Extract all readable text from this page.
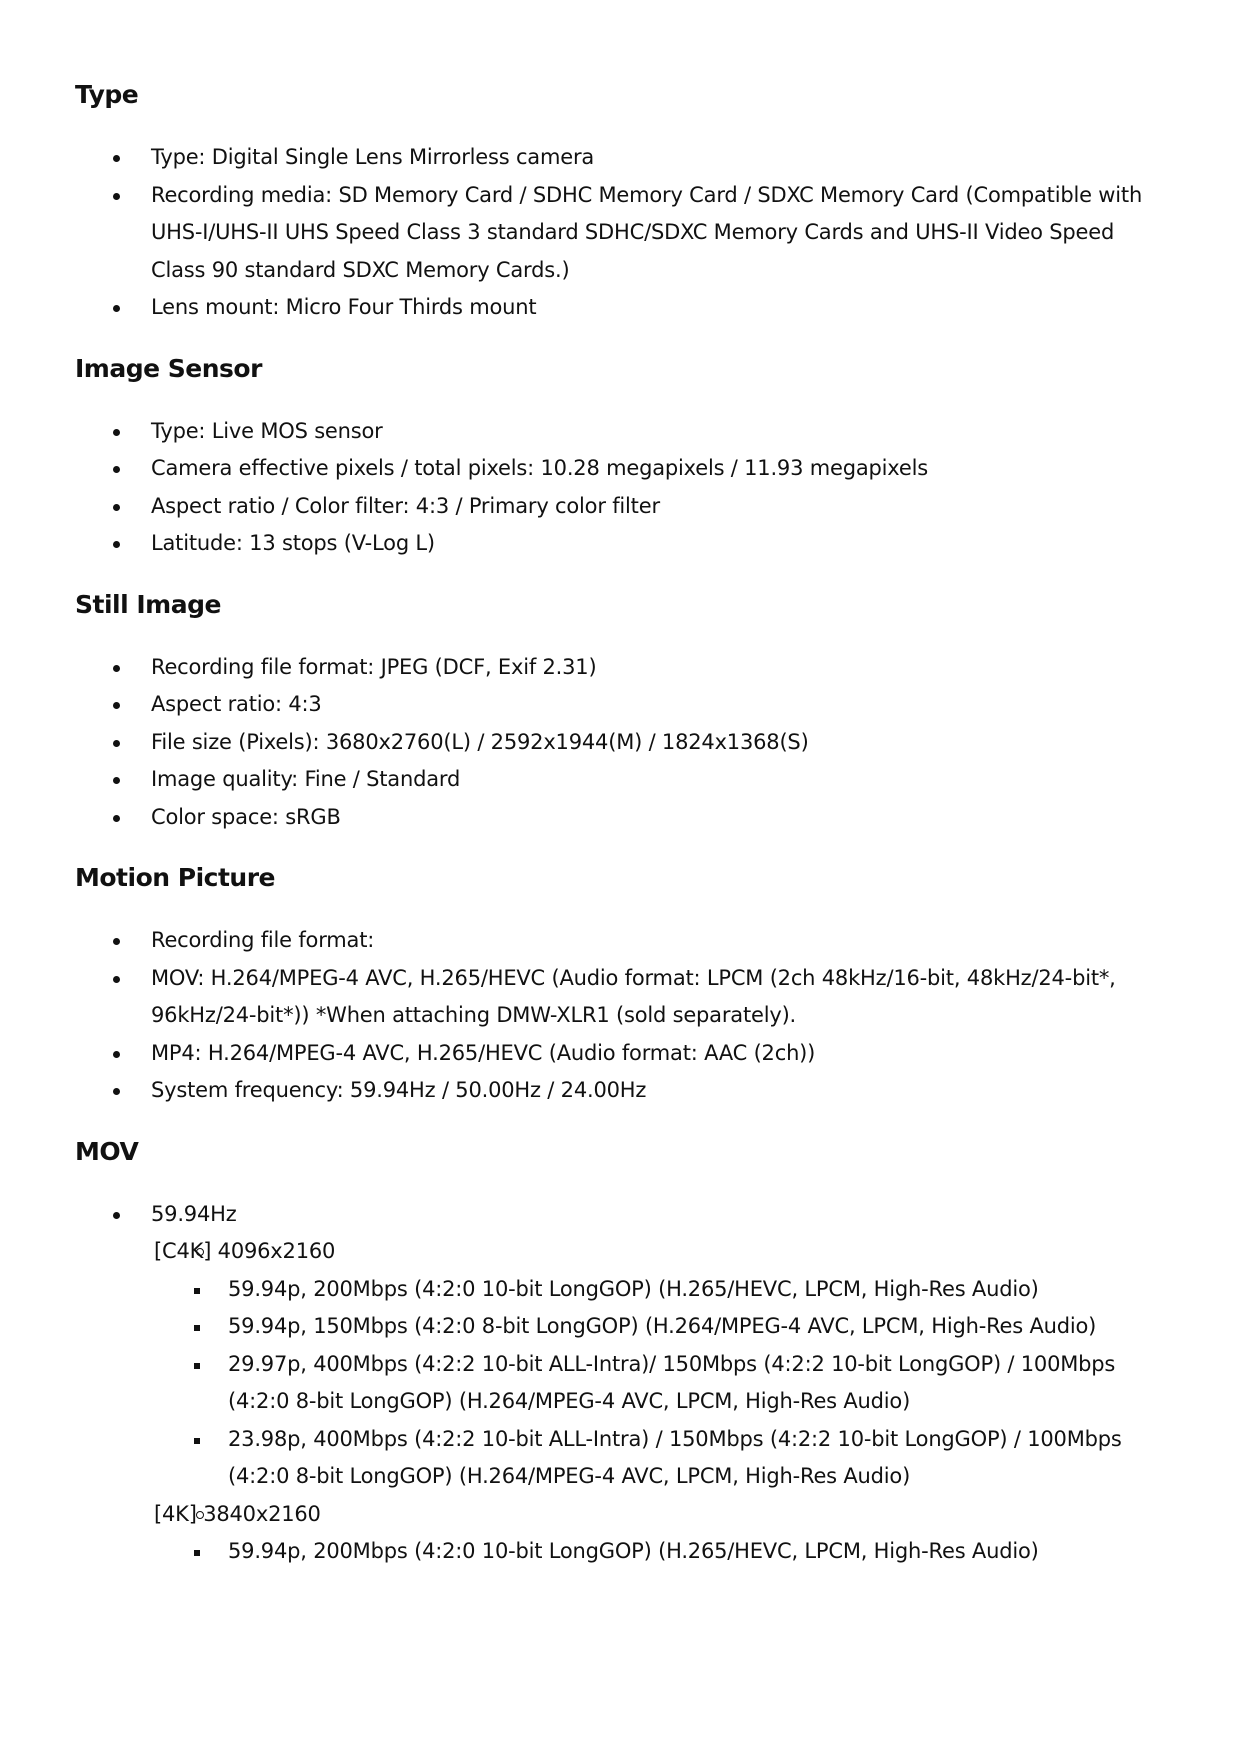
Type
Type: Digital Single Lens Mirrorless camera
Recording media: SD Memory Card / SDHC Memory Card / SDXC Memory Card (Compatible with UHS-I/UHS-II UHS Speed Class 3 standard SDHC/SDXC Memory Cards and UHS-II Video Speed Class 90 standard SDXC Memory Cards.)
Lens mount: Micro Four Thirds mount
Image Sensor
Type: Live MOS sensor
Camera effective pixels / total pixels: 10.28 megapixels / 11.93 megapixels
Aspect ratio / Color filter: 4:3 / Primary color filter
Latitude: 13 stops (V-Log L)
Still Image
Recording file format: JPEG (DCF, Exif 2.31)
Aspect ratio: 4:3
File size (Pixels): 3680x2760(L) / 2592x1944(M) / 1824x1368(S)
Image quality: Fine / Standard
Color space: sRGB
Motion Picture
Recording file format:
MOV: H.264/MPEG-4 AVC, H.265/HEVC (Audio format: LPCM (2ch 48kHz/16-bit, 48kHz/24-bit*, 96kHz/24-bit*)) *When attaching DMW-XLR1 (sold separately).
MP4: H.264/MPEG-4 AVC, H.265/HEVC (Audio format: AAC (2ch))
System frequency: 59.94Hz / 50.00Hz / 24.00Hz
MOV
59.94Hz
[C4K] 4096x2160
59.94p, 200Mbps (4:2:0 10-bit LongGOP) (H.265/HEVC, LPCM, High-Res Audio)
59.94p, 150Mbps (4:2:0 8-bit LongGOP) (H.264/MPEG-4 AVC, LPCM, High-Res Audio)
29.97p, 400Mbps (4:2:2 10-bit ALL-Intra)/ 150Mbps (4:2:2 10-bit LongGOP) / 100Mbps (4:2:0 8-bit LongGOP) (H.264/MPEG-4 AVC, LPCM, High-Res Audio)
23.98p, 400Mbps (4:2:2 10-bit ALL-Intra) / 150Mbps (4:2:2 10-bit LongGOP) / 100Mbps (4:2:0 8-bit LongGOP) (H.264/MPEG-4 AVC, LPCM, High-Res Audio)
[4K] 3840x2160
59.94p, 200Mbps (4:2:0 10-bit LongGOP) (H.265/HEVC, LPCM, High-Res Audio)
